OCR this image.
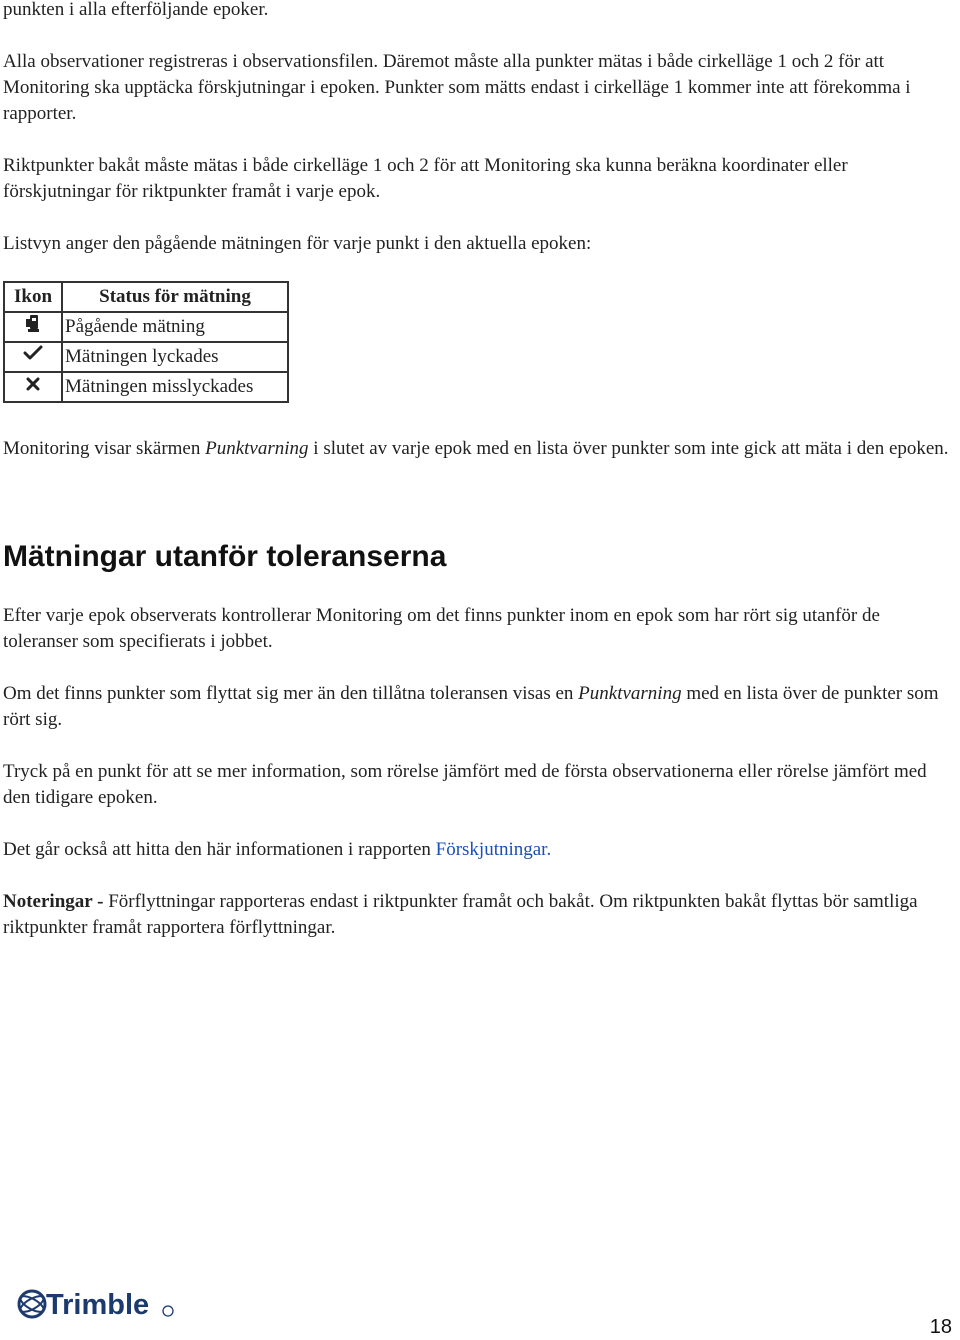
punkten i alla efterföljande epoker.

Alla observationer registreras i observationsfilen. Däremot måste alla punkter mätas i både cirkelläge 1 och 2 för att Monitoring ska upptäcka förskjutningar i epoken. Punkter som mätts endast i cirkelläge 1 kommer inte att förekomma i rapporter.

Riktpunkter bakåt måste mätas i både cirkelläge 1 och 2 för att Monitoring ska kunna beräkna koordinater eller förskjutningar för riktpunkter framåt i varje epok.

Listvyn anger den pågående mätningen för varje punkt i den aktuella epoken:

Ikon	Status för mätning
	Pågående mätning
	Mätningen lyckades
	Mätningen misslyckades

Monitoring visar skärmen Punktvarning i slutet av varje epok med en lista över punkter som inte gick att mäta i den epoken.

Mätningar utanför toleranserna

Efter varje epok observerats kontrollerar Monitoring om det finns punkter inom en epok som har rört sig utanför de toleranser som specifierats i jobbet.

Om det finns punkter som flyttat sig mer än den tillåtna toleransen visas en Punktvarning med en lista över de punkter som rört sig.

Tryck på en punkt för att se mer information, som rörelse jämfört med de första observationerna eller rörelse jämfört med den tidigare epoken.

Det går också att hitta den här informationen i rapporten Förskjutningar.

Noteringar - Förflyttningar rapporteras endast i riktpunkter framåt och bakåt. Om riktpunkten bakåt flyttas bör samtliga riktpunkter framåt rapportera förflyttningar.

Trimble
18
